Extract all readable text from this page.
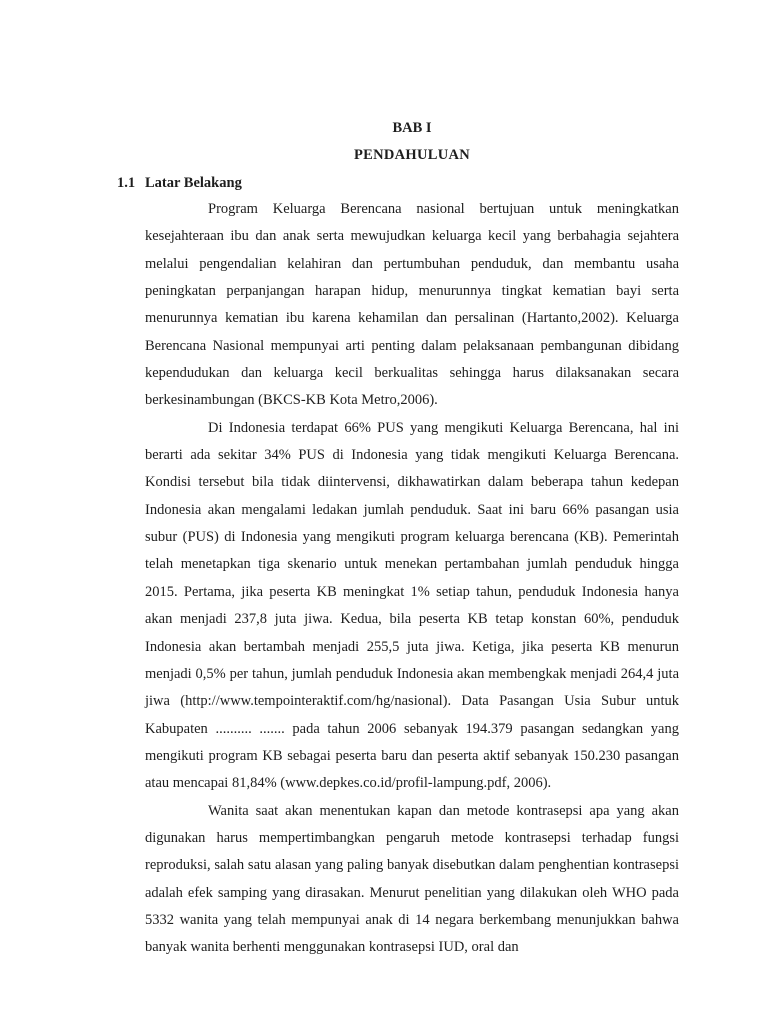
BAB I
PENDAHULUAN
1.1 Latar Belakang

Program Keluarga Berencana nasional bertujuan untuk meningkatkan kesejahteraan ibu dan anak serta mewujudkan keluarga kecil yang berbahagia sejahtera melalui pengendalian kelahiran dan pertumbuhan penduduk, dan membantu usaha peningkatan perpanjangan harapan hidup, menurunnya tingkat kematian bayi serta menurunnya kematian ibu karena kehamilan dan persalinan (Hartanto,2002). Keluarga Berencana Nasional mempunyai arti penting dalam pelaksanaan pembangunan dibidang kependudukan dan keluarga kecil berkualitas sehingga harus dilaksanakan secara berkesinambungan (BKCS-KB Kota Metro,2006).

Di Indonesia terdapat 66% PUS yang mengikuti Keluarga Berencana, hal ini berarti ada sekitar 34% PUS di Indonesia yang tidak mengikuti Keluarga Berencana. Kondisi tersebut bila tidak diintervensi, dikhawatirkan dalam beberapa tahun kedepan Indonesia akan mengalami ledakan jumlah penduduk. Saat ini baru 66% pasangan usia subur (PUS) di Indonesia yang mengikuti program keluarga berencana (KB). Pemerintah telah menetapkan tiga skenario untuk menekan pertambahan jumlah penduduk hingga 2015. Pertama, jika peserta KB meningkat 1% setiap tahun, penduduk Indonesia hanya akan menjadi 237,8 juta jiwa. Kedua, bila peserta KB tetap konstan 60%, penduduk Indonesia akan bertambah menjadi 255,5 juta jiwa. Ketiga, jika peserta KB menurun menjadi 0,5% per tahun, jumlah penduduk Indonesia akan membengkak menjadi 264,4 juta jiwa (http://www.tempointeraktif.com/hg/nasional). Data Pasangan Usia Subur untuk Kabupaten .......... ....... pada tahun 2006 sebanyak 194.379 pasangan sedangkan yang mengikuti program KB sebagai peserta baru dan peserta aktif sebanyak 150.230 pasangan atau mencapai 81,84% (www.depkes.co.id/profil-lampung.pdf, 2006).

Wanita saat akan menentukan kapan dan metode kontrasepsi apa yang akan digunakan harus mempertimbangkan pengaruh metode kontrasepsi terhadap fungsi reproduksi, salah satu alasan yang paling banyak disebutkan dalam penghentian kontrasepsi adalah efek samping yang dirasakan. Menurut penelitian yang dilakukan oleh WHO pada 5332 wanita yang telah mempunyai anak di 14 negara berkembang menunjukkan bahwa banyak wanita berhenti menggunakan kontrasepsi IUD, oral dan
